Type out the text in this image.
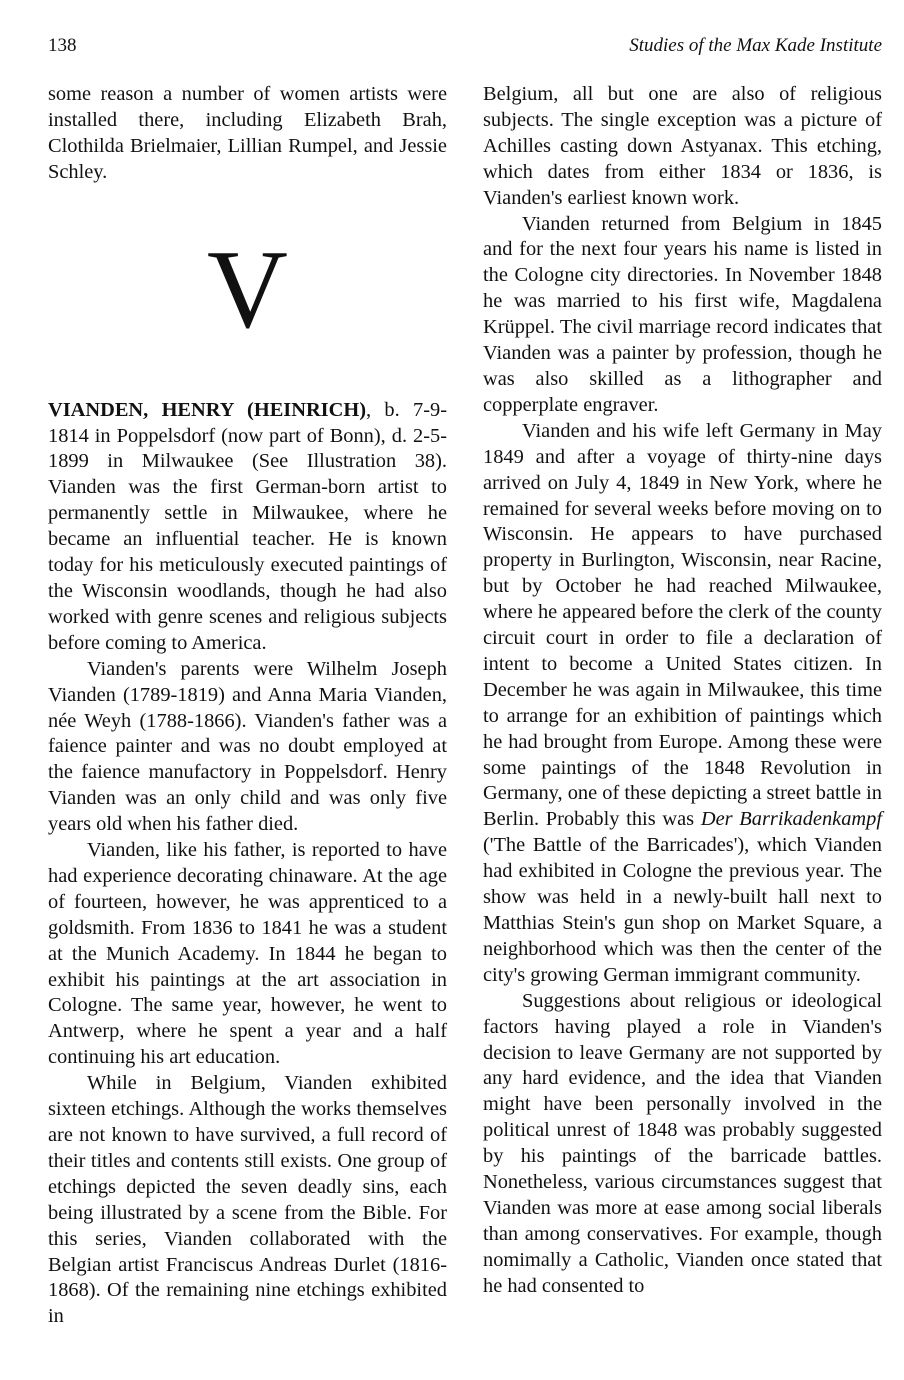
138	Studies of the Max Kade Institute

some reason a number of women artists were installed there, including Elizabeth Brah, Clothilda Brielmaier, Lillian Rumpel, and Jessie Schley.

V

VIANDEN, HENRY (HEINRICH), b. 7-9-1814 in Poppelsdorf (now part of Bonn), d. 2-5-1899 in Milwaukee (See Illustration 38). Vianden was the first German-born artist to permanently settle in Milwaukee, where he became an influential teacher. He is known today for his meticulously executed paintings of the Wisconsin woodlands, though he had also worked with genre scenes and religious subjects before coming to America.

Vianden's parents were Wilhelm Joseph Vianden (1789-1819) and Anna Maria Vianden, née Weyh (1788-1866). Vianden's father was a faience painter and was no doubt employed at the faience manufactory in Poppelsdorf. Henry Vianden was an only child and was only five years old when his father died.

Vianden, like his father, is reported to have had experience decorating chinaware. At the age of fourteen, however, he was apprenticed to a goldsmith. From 1836 to 1841 he was a student at the Munich Academy. In 1844 he began to exhibit his paintings at the art association in Cologne. The same year, however, he went to Antwerp, where he spent a year and a half continuing his art education.

While in Belgium, Vianden exhibited sixteen etchings. Although the works themselves are not known to have survived, a full record of their titles and contents still exists. One group of etchings depicted the seven deadly sins, each being illustrated by a scene from the Bible. For this series, Vianden collaborated with the Belgian artist Franciscus Andreas Durlet (1816-1868). Of the remaining nine etchings exhibited in

Belgium, all but one are also of religious subjects. The single exception was a picture of Achilles casting down Astyanax. This etching, which dates from either 1834 or 1836, is Vianden's earliest known work.

Vianden returned from Belgium in 1845 and for the next four years his name is listed in the Cologne city directories. In November 1848 he was married to his first wife, Magdalena Krüppel. The civil marriage record indicates that Vianden was a painter by profession, though he was also skilled as a lithographer and copperplate engraver.

Vianden and his wife left Germany in May 1849 and after a voyage of thirty-nine days arrived on July 4, 1849 in New York, where he remained for several weeks before moving on to Wisconsin. He appears to have purchased property in Burlington, Wisconsin, near Racine, but by October he had reached Milwaukee, where he appeared before the clerk of the county circuit court in order to file a declaration of intent to become a United States citizen. In December he was again in Milwaukee, this time to arrange for an exhibition of paintings which he had brought from Europe. Among these were some paintings of the 1848 Revolution in Germany, one of these depicting a street battle in Berlin. Probably this was Der Barrikadenkampf ('The Battle of the Barricades'), which Vianden had exhibited in Cologne the previous year. The show was held in a newly-built hall next to Matthias Stein's gun shop on Market Square, a neighborhood which was then the center of the city's growing German immigrant community.

Suggestions about religious or ideological factors having played a role in Vianden's decision to leave Germany are not supported by any hard evidence, and the idea that Vianden might have been personally involved in the political unrest of 1848 was probably suggested by his paintings of the barricade battles. Nonetheless, various circumstances suggest that Vianden was more at ease among social liberals than among conservatives. For example, though nomimally a Catholic, Vianden once stated that he had consented to
